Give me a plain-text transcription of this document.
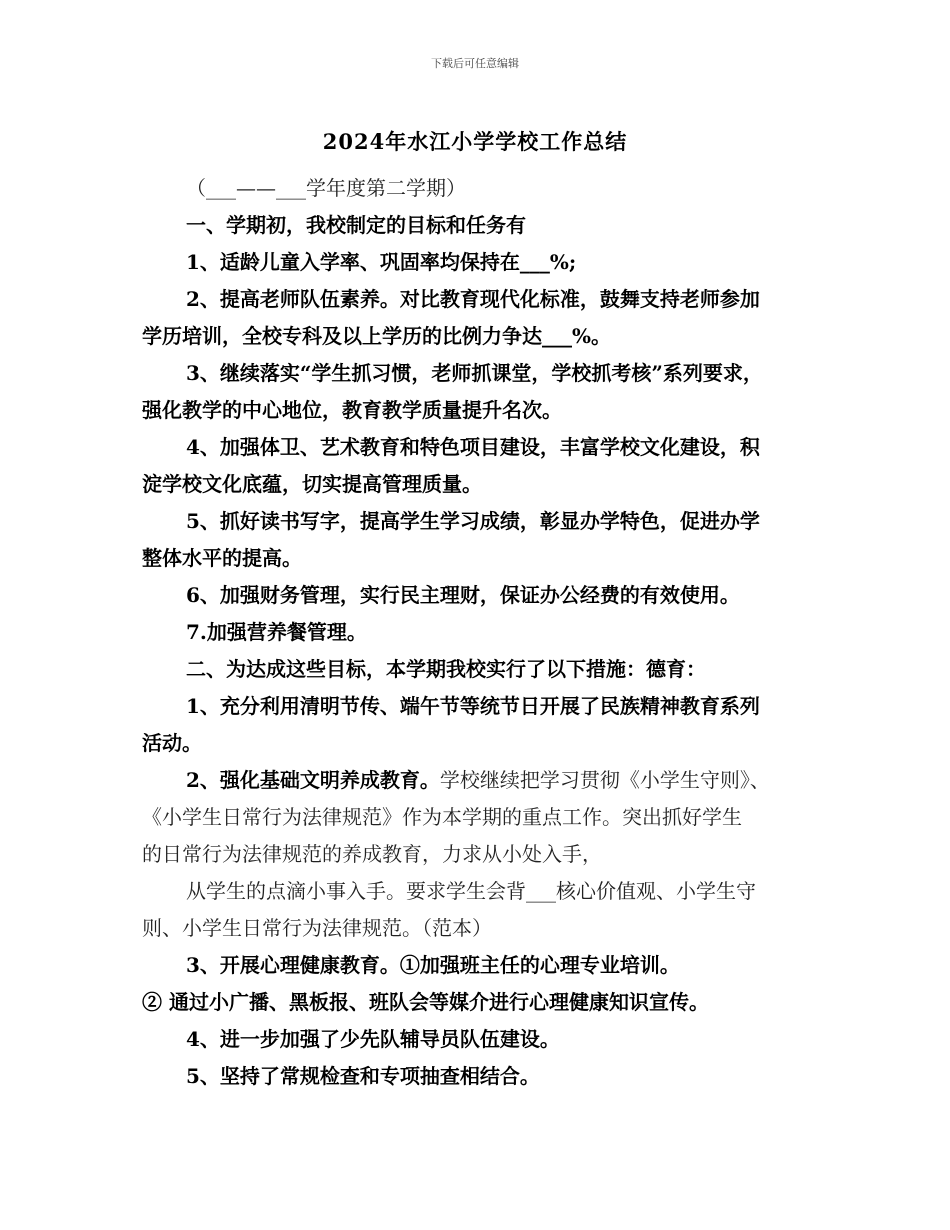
下载后可任意编辑
2024年水江小学学校工作总结
（___——___学年度第二学期）
一、学期初，我校制定的目标和任务有
1、适龄儿童入学率、巩固率均保持在___%;
2、提高老师队伍素养。对比教育现代化标准，鼓舞支持老师参加
学历培训，全校专科及以上学历的比例力争达___%。
3、继续落实“学生抓习惯，老师抓课堂，学校抓考核”系列要求，
强化教学的中心地位，教育教学质量提升名次。
4、加强体卫、艺术教育和特色项目建设，丰富学校文化建设，积
淀学校文化底蕴，切实提高管理质量。
5、抓好读书写字，提高学生学习成绩，彰显办学特色，促进办学
整体水平的提高。
6、加强财务管理，实行民主理财，保证办公经费的有效使用。
7.加强营养餐管理。
二、为达成这些目标，本学期我校实行了以下措施：德育：
1、充分利用清明节传、端午节等统节日开展了民族精神教育系列
活动。
2、强化基础文明养成教育。学校继续把学习贯彻《小学生守则》、
《小学生日常行为法律规范》作为本学期的重点工作。突出抓好学生
的日常行为法律规范的养成教育，力求从小处入手，
从学生的点滴小事入手。要求学生会背___核心价值观、小学生守
则、小学生日常行为法律规范。（范本）
3、开展心理健康教育。①加强班主任的心理专业培训。
② 通过小广播、黑板报、班队会等媒介进行心理健康知识宣传。
4、进一步加强了少先队辅导员队伍建设。
5、坚持了常规检查和专项抽查相结合。
